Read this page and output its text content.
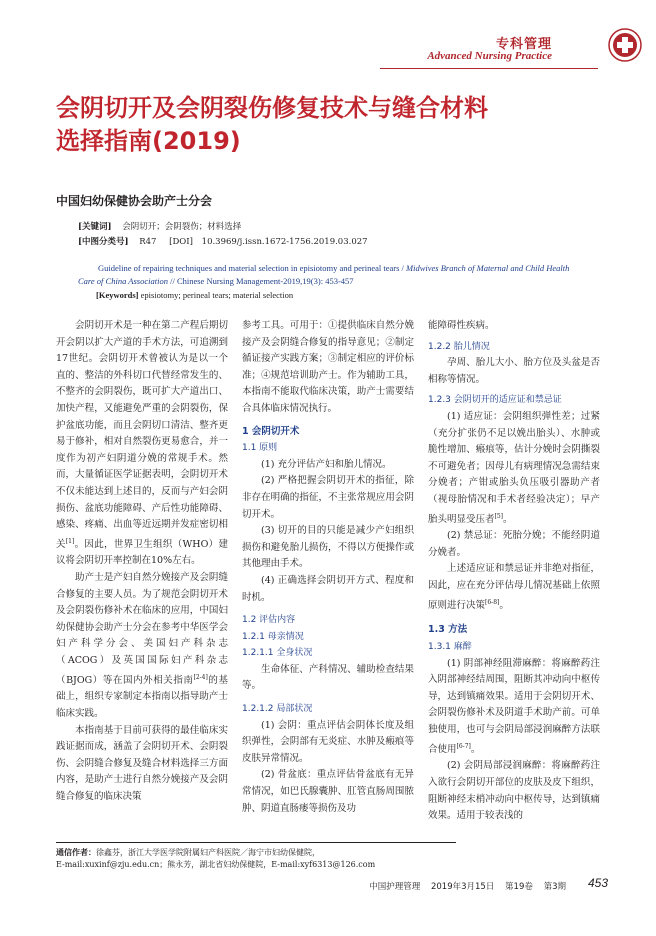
专科管理
Advanced Nursing Practice
会阴切开及会阴裂伤修复技术与缝合材料
选择指南(2019)
中国妇幼保健协会助产士分会
[关键词] 会阴切开；会阴裂伤；材料选择
[中图分类号] R47 [DOI] 10.3969/j.issn.1672-1756.2019.03.027
Guideline of repairing techniques and material selection in episiotomy and perineal tears / Midwives Branch of Maternal and Child Health Care of China Association // Chinese Nursing Management-2019,19(3): 453-457
[Keywords] episiotomy; perineal tears; material selection

会阴切开术是一种在第二产程后期切开会阴以扩大产道的手术方法，可追溯到17世纪。会阴切开术曾被认为是以一个直的、整洁的外科切口代替经常发生的、不整齐的会阴裂伤，既可扩大产道出口、加快产程，又能避免严重的会阴裂伤，保护盆底功能，而且会阴切口清洁、整齐更易于修补，相对自然裂伤更易愈合，并一度作为初产妇阴道分娩的常规手术。然而，大量循证医学证据表明，会阴切开术不仅未能达到上述目的，反而与产妇会阴损伤、盆底功能障碍、产后性功能障碍、感染、疼痛、出血等近远期并发症密切相关[1]。因此，世界卫生组织（WHO）建议将会阴切开率控制在10%左右。

助产士是产妇自然分娩接产及会阴缝合修复的主要人员。为了规范会阴切开术及会阴裂伤修补术在临床的应用，中国妇幼保健协会助产士分会在参考中华医学会妇产科学分会、美国妇产科杂志（ACOG）及英国国际妇产科杂志（BJOG）等在国内外相关指南[2-4]的基础上，组织专家制定本指南以指导助产士临床实践。

本指南基于目前可获得的最佳临床实践证据而成，涵盖了会阴切开术、会阴裂伤、会阴缝合修复及缝合材料选择三方面内容，是助产士进行自然分娩接产及会阴缝合修复的临床决策

参考工具。可用于：①提供临床自然分娩接产及会阴缝合修复的指导意见；②制定循证接产实践方案；③制定相应的评价标准；④规范培训助产士。作为辅助工具，本指南不能取代临床决策，助产士需要结合具体临床情况执行。

1 会阴切开术
1.1 原则

(1) 充分评估产妇和胎儿情况。

(2) 严格把握会阴切开术的指征，除非存在明确的指征，不主张常规应用会阴切开术。

(3) 切开的目的只能是减少产妇组织损伤和避免胎儿损伤，不得以方便操作或其他理由手术。

(4) 正确选择会阴切开方式、程度和时机。

1.2 评估内容
1.2.1 母亲情况
1.2.1.1 全身状况

生命体征、产科情况、辅助检查结果等。

1.2.1.2 局部状况

(1) 会阴：重点评估会阴体长度及组织弹性，会阴部有无炎症、水肿及瘢痕等皮肤异常情况。

(2) 骨盆底：重点评估骨盆底有无异常情况，如巴氏腺囊肿、肛管直肠周围脓肿、阴道直肠瘘等损伤及功

能障碍性疾病。

1.2.2 胎儿情况

孕周、胎儿大小、胎方位及头盆是否相称等情况。

1.2.3 会阴切开的适应证和禁忌证

(1) 适应证：会阴组织弹性差；过紧（充分扩张仍不足以娩出胎头）、水肿或脆性增加、瘢痕等，估计分娩时会阴撕裂不可避免者；因母儿有病理情况急需结束分娩者；产钳或胎头负压吸引器助产者（视母胎情况和手术者经验决定）；早产胎头明显受压者[5]。

(2) 禁忌证：死胎分娩；不能经阴道分娩者。

上述适应证和禁忌证并非绝对指征，因此，应在充分评估母儿情况基础上依照原则进行决策[6-8]。

1.3 方法
1.3.1 麻醉

(1) 阴部神经阻滞麻醉：将麻醉药注入阴部神经结周围，阻断其冲动向中枢传导，达到镇痛效果。适用于会阴切开术、会阴裂伤修补术及阴道手术助产前。可单独使用，也可与会阴局部浸润麻醉方法联合使用[6-7]。

(2) 会阴局部浸润麻醉：将麻醉药注入欲行会阴切开部位的皮肤及皮下组织，阻断神经末梢冲动向中枢传导，达到镇痛效果。适用于较表浅的

通信作者：徐鑫芬，浙江大学医学院附属妇产科医院／海宁市妇幼保健院，
E-mail:xuxinf@zju.edu.cn；熊永芳，湖北省妇幼保健院，E-mail:xyf6313@126.com
中国护理管理 2019年3月15日 第19卷 第3期 453
